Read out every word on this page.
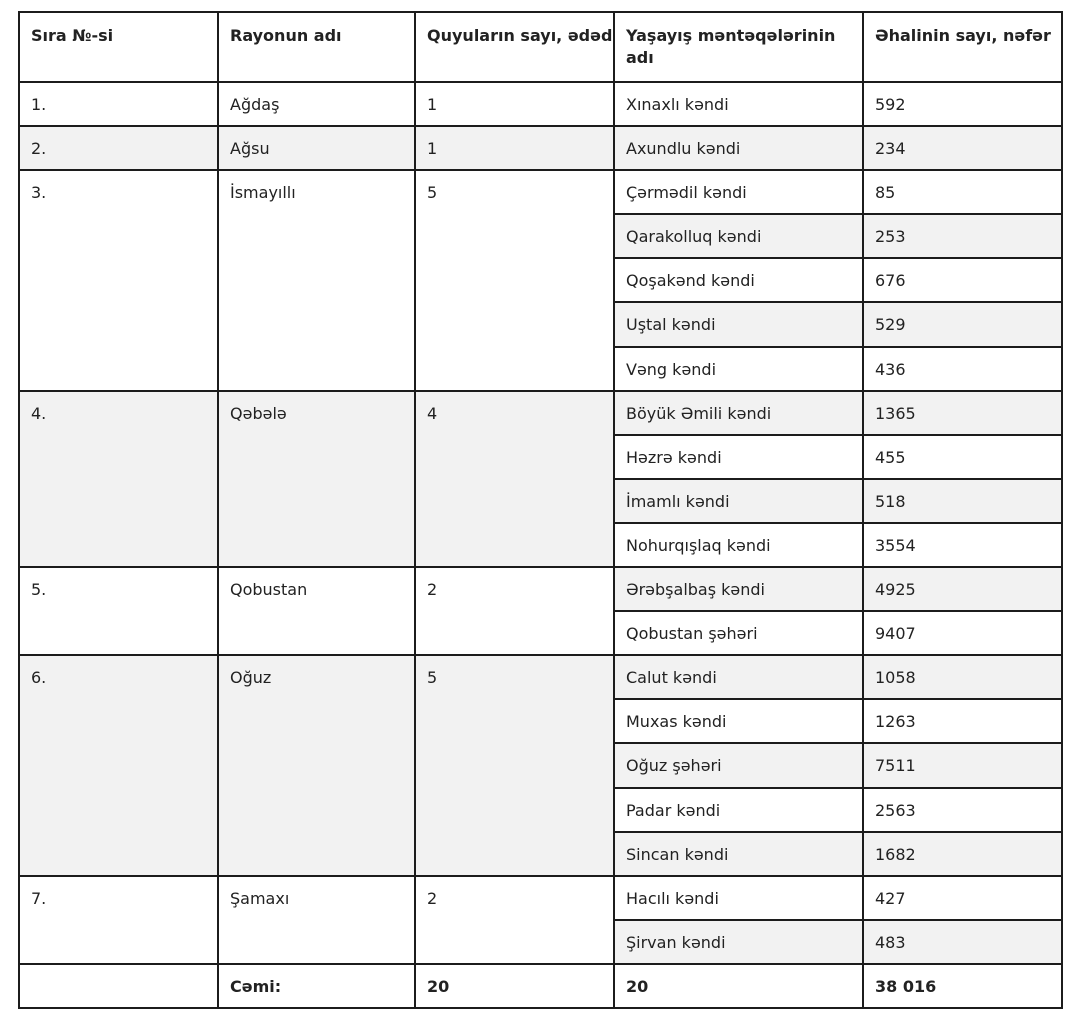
Sıra №-si	Rayonun adı	Quyuların sayı, ədəd	Yaşayış məntəqələrinin adı	Əhalinin sayı, nəfər
1.	Ağdaş	1	Xınaxlı kəndi	592
2.	Ağsu	1	Axundlu kəndi	234
3.	İsmayıllı	5	Çərmədil kəndi	85
			Qarakolluq kəndi	253
			Qoşakənd kəndi	676
			Uştal kəndi	529
			Vəng kəndi	436
4.	Qəbələ	4	Böyük Əmili kəndi	1365
			Həzrə kəndi	455
			İmamlı kəndi	518
			Nohurqışlaq kəndi	3554
5.	Qobustan	2	Ərəbşalbaş kəndi	4925
			Qobustan şəhəri	9407
6.	Oğuz	5	Calut kəndi	1058
			Muxas kəndi	1263
			Oğuz şəhəri	7511
			Padar kəndi	2563
			Sincan kəndi	1682
7.	Şamaxı	2	Hacılı kəndi	427
			Şirvan kəndi	483
	Cəmi:	20	20	38 016
